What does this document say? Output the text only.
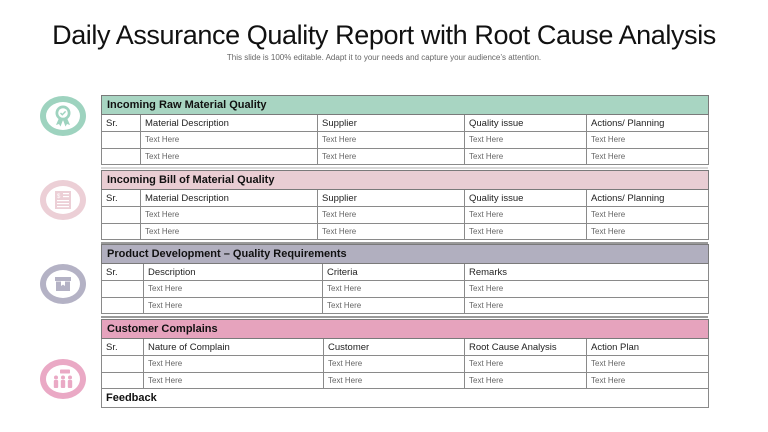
Daily Assurance Quality Report with Root Cause Analysis
This slide is 100% editable. Adapt it to your needs and capture your audience’s attention.
$
Incoming Raw Material Quality				
Sr.	Material Description	Supplier	Quality issue	Actions/ Planning
	Text Here	Text Here	Text Here	Text Here
	Text Here	Text Here	Text Here	Text Here
Incoming Bill of Material Quality				
Sr.	Material Description	Supplier	Quality issue	Actions/ Planning
	Text Here	Text Here	Text Here	Text Here
	Text Here	Text Here	Text Here	Text Here
Product Development – Quality Requirements			
Sr.	Description	Criteria	Remarks
	Text Here	Text Here	Text Here
	Text Here	Text Here	Text Here
Customer Complains				
Sr.	Nature of Complain	Customer	Root Cause Analysis	Action Plan
	Text Here	Text Here	Text Here	Text Here
	Text Here	Text Here	Text Here	Text Here
Feedback				
